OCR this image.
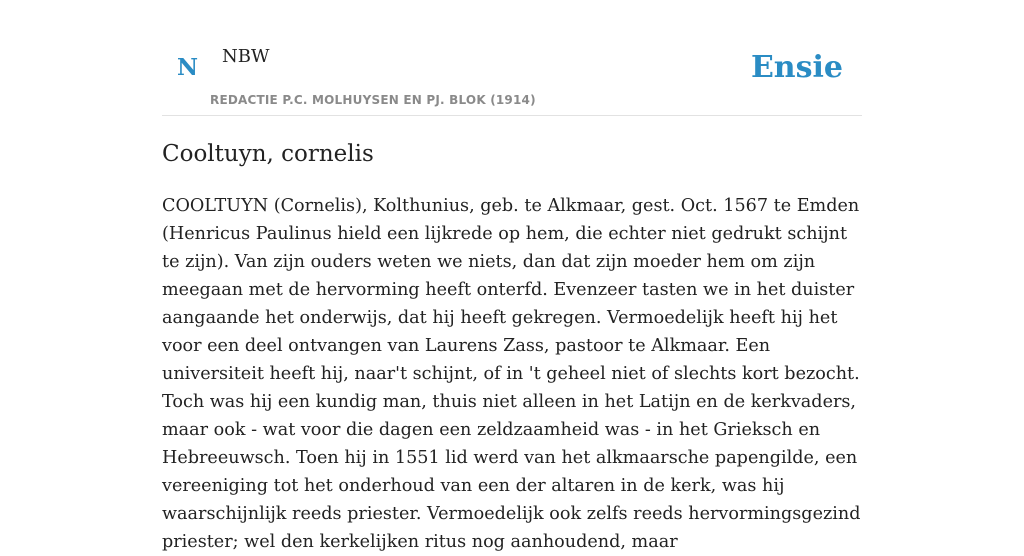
N NBW
REDACTIE P.C. MOLHUYSEN EN PJ. BLOK (1914)
Ensie
Cooltuyn, cornelis

COOLTUYN (Cornelis), Kolthunius, geb. te Alkmaar, gest. Oct. 1567 te Emden (Henricus Paulinus hield een lijkrede op hem, die echter niet gedrukt schijnt te zijn). Van zijn ouders weten we niets, dan dat zijn moeder hem om zijn meegaan met de hervorming heeft onterfd. Evenzeer tasten we in het duister aangaande het onderwijs, dat hij heeft gekregen. Vermoedelijk heeft hij het voor een deel ontvangen van Laurens Zass, pastoor te Alkmaar. Een universiteit heeft hij, naar't schijnt, of in 't geheel niet of slechts kort bezocht. Toch was hij een kundig man, thuis niet alleen in het Latijn en de kerkvaders, maar ook - wat voor die dagen een zeldzaamheid was - in het Grieksch en Hebreeuwsch. Toen hij in 1551 lid werd van het alkmaarsche papengilde, een vereeniging tot het onderhoud van een der altaren in de kerk, was hij waarschijnlijk reeds priester. Vermoedelijk ook zelfs reeds hervormingsgezind priester; wel den kerkelijken ritus nog aanhoudend, maar
